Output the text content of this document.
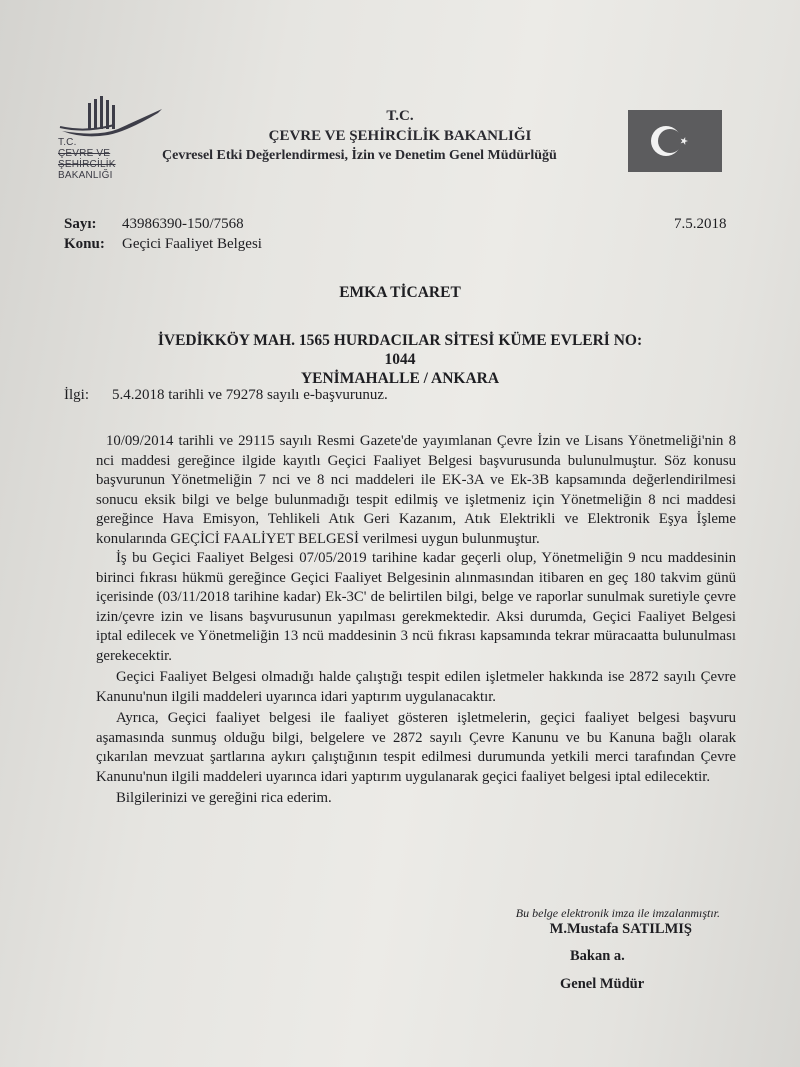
T.C.
ÇEVRE VE ŞEHİRCİLİK
BAKANLIĞI
T.C.
ÇEVRE VE ŞEHİRCİLİK BAKANLIĞI
Çevresel Etki Değerlendirmesi, İzin ve Denetim Genel Müdürlüğü
Sayı: 43986390-150/7568	7.5.2018
Konu: Geçici Faaliyet Belgesi
EMKA TİCARET
İVEDİKKÖY MAH. 1565 HURDACILAR SİTESİ KÜME EVLERİ NO:
1044
YENİMAHALLE / ANKARA
İlgi: 5.4.2018 tarihli ve 79278 sayılı e-başvurunuz.

10/09/2014 tarihli ve 29115 sayılı Resmi Gazete'de yayımlanan Çevre İzin ve Lisans Yönetmeliği'nin 8 nci maddesi gereğince ilgide kayıtlı Geçici Faaliyet Belgesi başvurusunda bulunulmuştur. Söz konusu başvurunun Yönetmeliğin 7 nci ve 8 nci maddeleri ile EK-3A ve Ek-3B kapsamında değerlendirilmesi sonucu eksik bilgi ve belge bulunmadığı tespit edilmiş ve işletmeniz için Yönetmeliğin 8 nci maddesi gereğince Hava Emisyon, Tehlikeli Atık Geri Kazanım, Atık Elektrikli ve Elektronik Eşya İşleme konularında GEÇİCİ FAALİYET BELGESİ verilmesi uygun bulunmuştur.

İş bu Geçici Faaliyet Belgesi 07/05/2019 tarihine kadar geçerli olup, Yönetmeliğin 9 ncu maddesinin birinci fıkrası hükmü gereğince Geçici Faaliyet Belgesinin alınmasından itibaren en geç 180 takvim günü içerisinde (03/11/2018 tarihine kadar) Ek-3C' de belirtilen bilgi, belge ve raporlar sunulmak suretiyle çevre izin/çevre izin ve lisans başvurusunun yapılması gerekmektedir. Aksi durumda, Geçici Faaliyet Belgesi iptal edilecek ve Yönetmeliğin 13 ncü maddesinin 3 ncü fıkrası kapsamında tekrar müracaatta bulunulması gerekecektir.

Geçici Faaliyet Belgesi olmadığı halde çalıştığı tespit edilen işletmeler hakkında ise 2872 sayılı Çevre Kanunu'nun ilgili maddeleri uyarınca idari yaptırım uygulanacaktır.

Ayrıca, Geçici faaliyet belgesi ile faaliyet gösteren işletmelerin, geçici faaliyet belgesi başvuru aşamasında sunmuş olduğu bilgi, belgelere ve 2872 sayılı Çevre Kanunu ve bu Kanuna bağlı olarak çıkarılan mevzuat şartlarına aykırı çalıştığının tespit edilmesi durumunda yetkili merci tarafından Çevre Kanunu'nun ilgili maddeleri uyarınca idari yaptırım uygulanarak geçici faaliyet belgesi iptal edilecektir.

Bilgilerinizi ve gereğini rica ederim.

Bu belge elektronik imza ile imzalanmıştır.
M.Mustafa SATILMIŞ
Bakan a.
Genel Müdür
